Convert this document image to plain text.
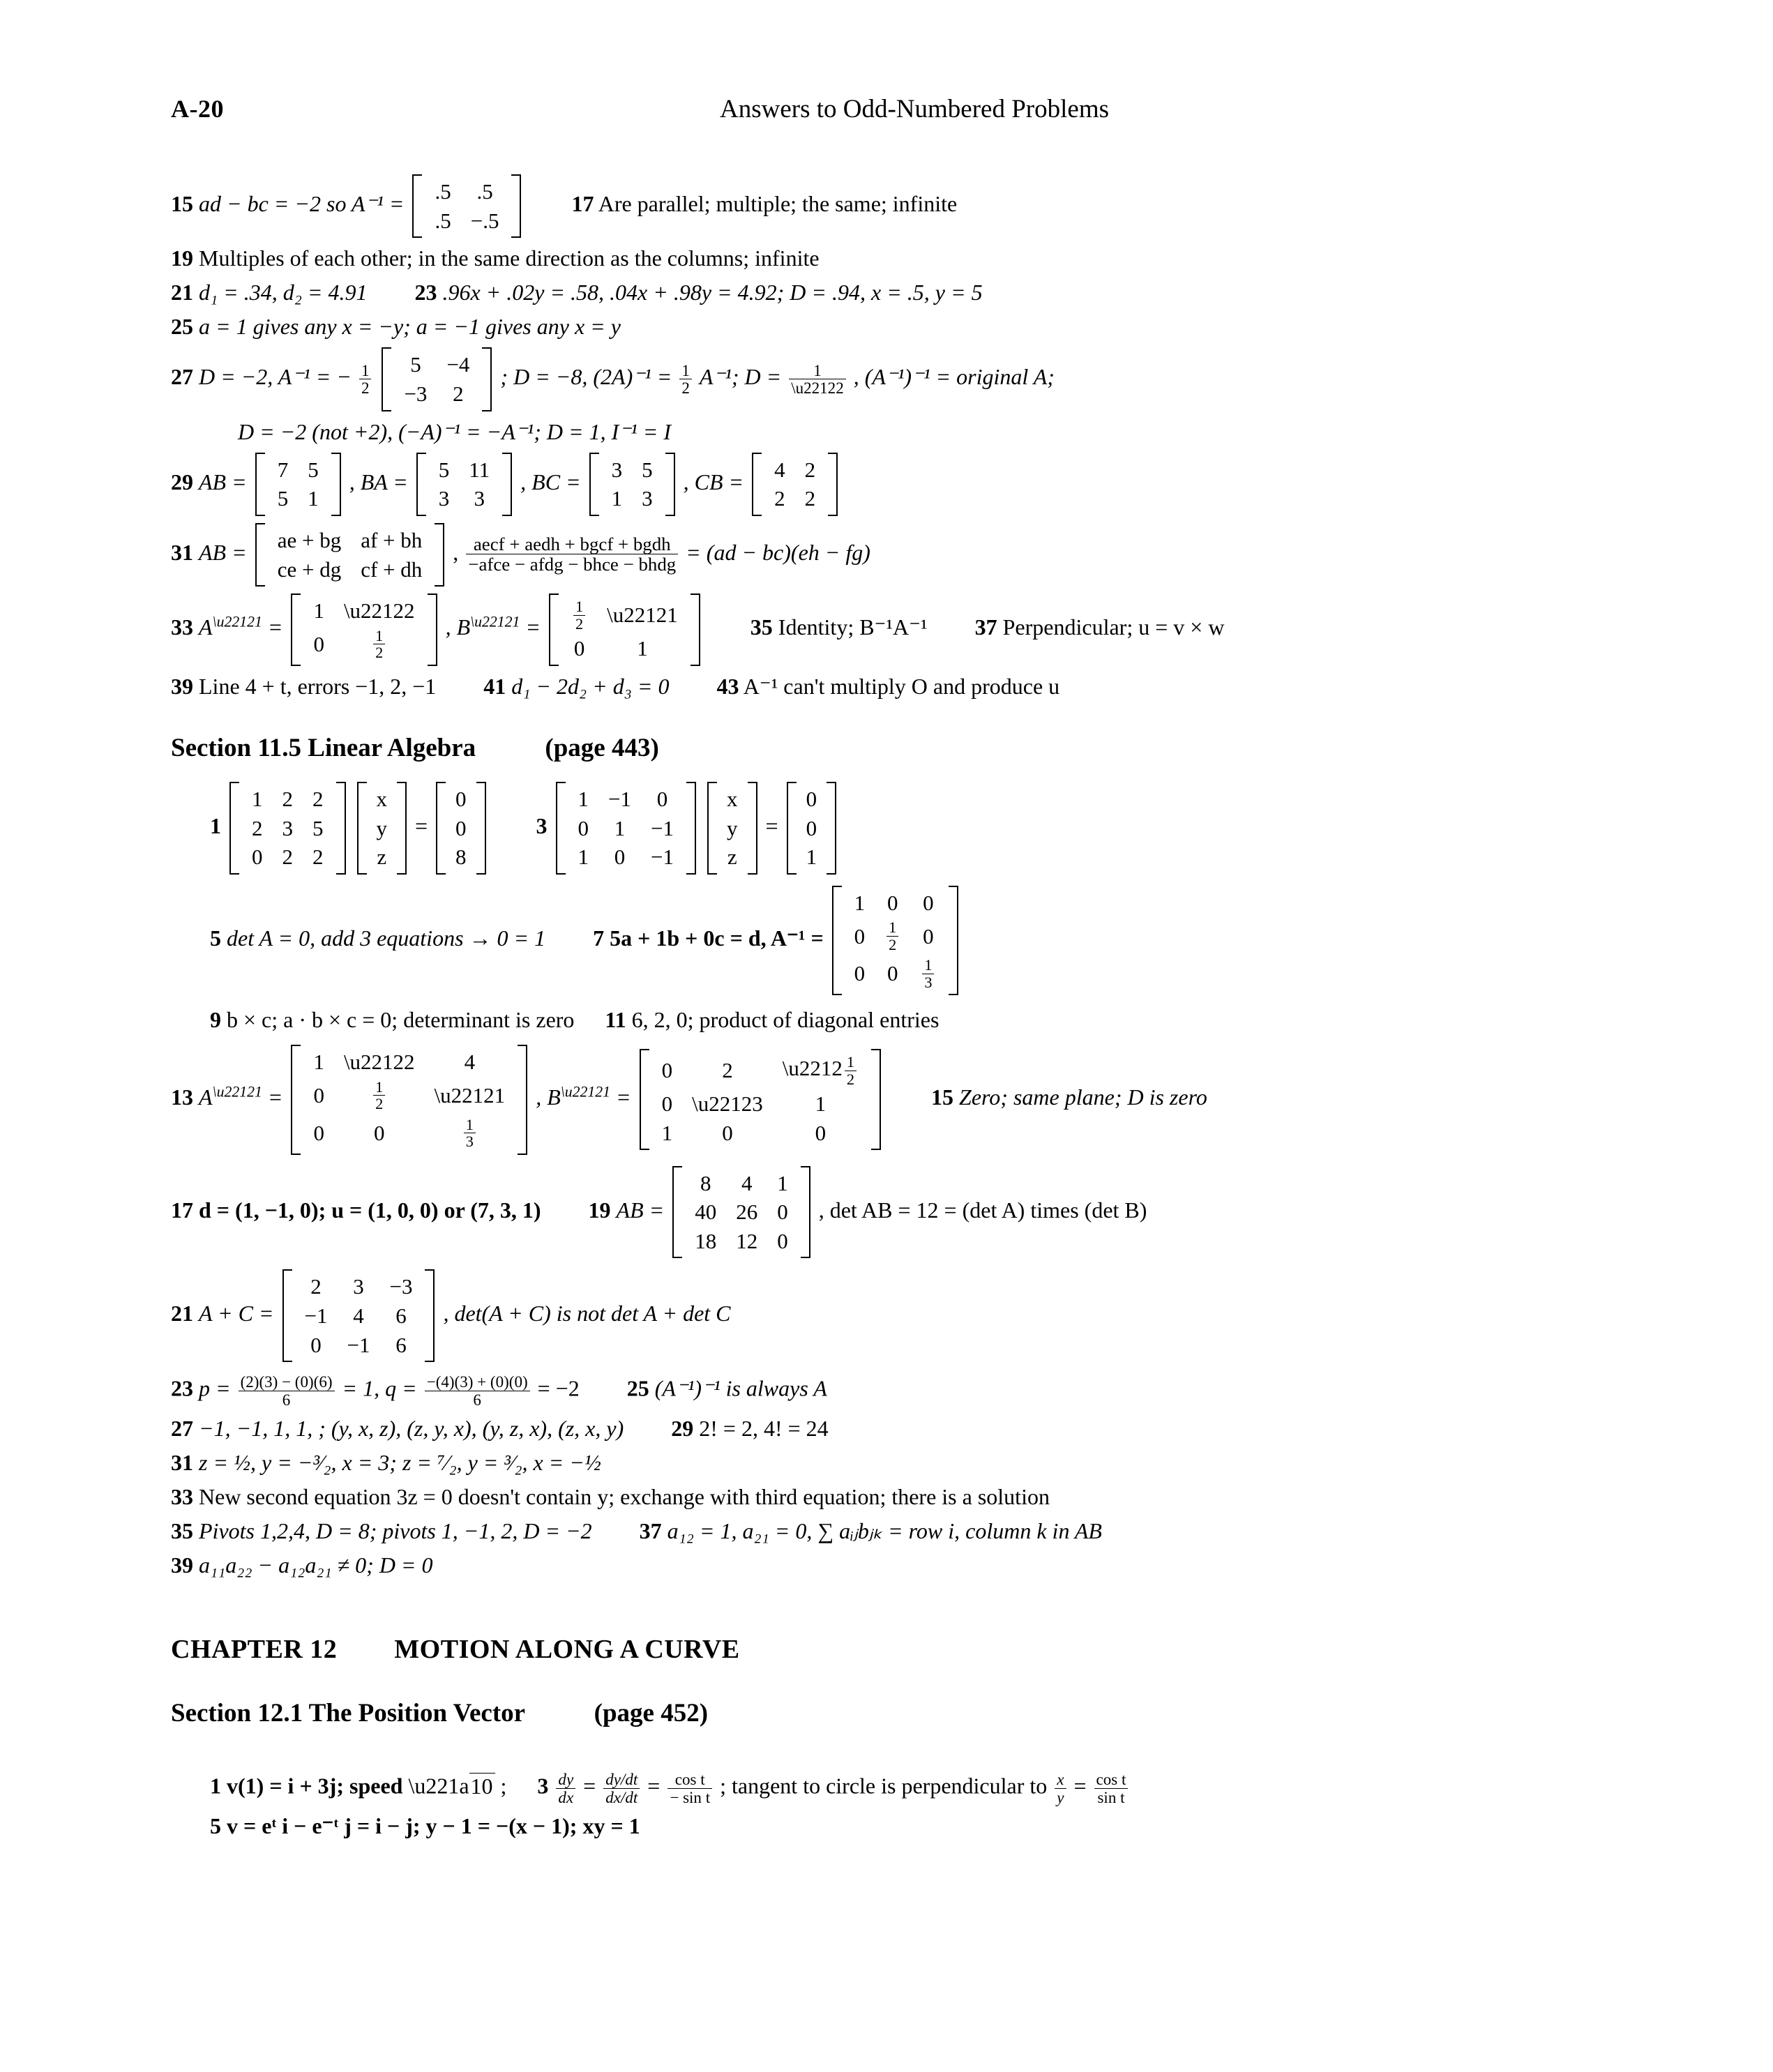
A-20	Answers to Odd-Numbered Problems
15 ad − bc = −2 so A⁻¹ = .5	.5
.5	−.5
17 Are parallel; multiple; the same; infinite
19 Multiples of each other; in the same direction as the columns; infinite
21 d₁ = .34, d₂ = 4.91 23 .96x + .02y = .58, .04x + .98y = 4.92; D = .94, x = .5, y = 5
25 a = 1 gives any x = −y; a = −1 gives any x = y
27 D = −2, A⁻¹ = − $\frac{1}{2}$
5	−4
−3	2
; D = −8, $(2A)^{-1} = \frac{1}{2} A^{-1}$; $D = \frac{1}{\backslash u22122}$ , (A⁻¹)⁻¹ = original A;
D = −2 (not +2), (−A)⁻¹ = −A⁻¹; D = 1, I⁻¹ = I
29 AB = 7	5
5	1
, BA = 5	11
3	3
, BC = 3	5
1	3
, CB = 4	2
2	2
31 AB = ae + bg	af + bh
ce + dg	cf + dh
, $\frac{\text{aecf + aedh + bgcf + bgdh}}{\text{−afce − afdg − bhce − bhdg}} = (ad - bc)(eh - fg)$
33 $A^{\backslash u22121}$ =
1	\u22122
0	$\frac{1}{2}$
, $B^{\backslash u22121} = \frac{1}{2}$	\u22121
0	1
35 Identity; B⁻¹A⁻¹ 37 Perpendicular; u = v × w
39 Line 4 + t, errors −1, 2, −1 41 d₁ − 2d₂ + d₃ = 0 43 A⁻¹ can't multiply O and produce u
Section 11.5 Linear Algebra	(page 443)
1
1	2	2
2	3	5
0	2	2

x
y
z
=
0
0
8
3
1	−1	0
0	1	−1
1	0	−1

x
y
z
=
0
0
1
5 det A = 0, add 3 equations → 0 = 1 7 5a + 1b + 0c = d, A⁻¹ =
1	0	0
0	$\frac{1}{2}$	0
0	0	$\frac{1}{3}$
9 b × c; a · b × c = 0; determinant is zero 11 6, 2, 0; product of diagonal entries
13 $A^{\backslash u22121}$ =
1	\u22122	4
0	$\frac{1}{2}$	\u22121
0	0	$\frac{1}{3}$
, $B^{\backslash u22121}$ =
0	2	\u2212 $\frac{1}{2}$

0	\u22123	1
1	0	0
15 Zero; same plane; D is zero
17 d = (1, −1, 0); u = (1, 0, 0) or (7, 3, 1) 19 AB =
8	4	1
40	26	0
18	12	0
, det AB = 12 = (det A) times (det B)
21 A + C =
2	3	−3
−1	4	6
0	−1	6
, det(A + C) is not det A + det C
23 $p = \frac{(2)(3) - (0)(6)}{6} = 1$, $q = \frac{-(4)(3) + (0)(0)}{6} = -2$ 25 (A⁻¹)⁻¹ is always A
27 −1, −1, 1, 1, ; (y, x, z), (z, y, x), (y, z, x), (z, x, y) 29 2! = 2, 4! = 24
31 z = ½, y = −³⁄₂, x = 3; z = ⁷⁄₂, y = ³⁄₂, x = −½
33 New second equation 3z = 0 doesn't contain y; exchange with third equation; there is a solution
35 Pivots 1,2,4, D = 8; pivots 1, −1, 2, D = −2 37 a₁₂ = 1, a₂₁ = 0, ∑ aᵢⱼbⱼₖ = row i, column k in AB
39 a₁₁a₂₂ − a₁₂a₂₁ ≠ 0; D = 0
CHAPTER 12 MOTION ALONG A CURVE
Section 12.1 The Position Vector	(page 452)
1 v(1) = i + 3j; speed \u221a10 ; $3 \frac{dy}{dx} = \frac{dy/dt}{dx/dt} = \frac{\text{cos t}}{\text{− sin t}}$ ; tangent to circle is perpendicular to $\frac{x}{y} = \frac{\text{cos t}}{\text{sin t}}$
5 v = eᵗ i − e⁻ᵗ j = i − j; y − 1 = −(x − 1); xy = 1
